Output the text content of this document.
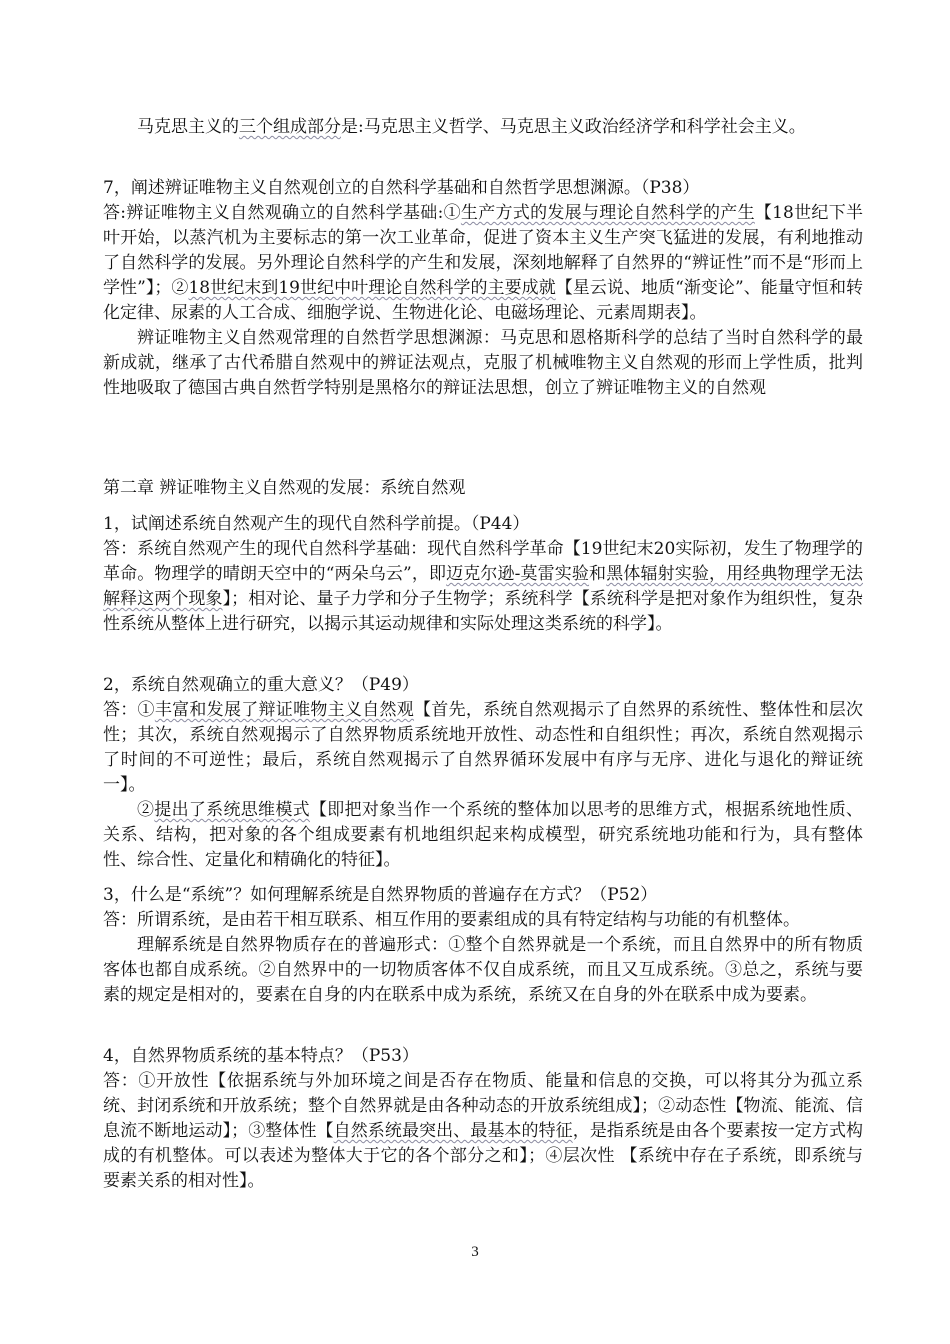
马克思主义的三个组成部分是:马克思主义哲学、马克思主义政治经济学和科学社会主义。

7，阐述辨证唯物主义自然观创立的自然科学基础和自然哲学思想渊源。（P38）

答:辨证唯物主义自然观确立的自然科学基础:①生产方式的发展与理论自然科学的产生【18世纪下半叶开始，以蒸汽机为主要标志的第一次工业革命，促进了资本主义生产突飞猛进的发展，有利地推动了自然科学的发展。另外理论自然科学的产生和发展，深刻地解释了自然界的“辨证性”而不是“形而上学性”】；②18世纪末到19世纪中叶理论自然科学的主要成就【星云说、地质“渐变论”、能量守恒和转化定律、尿素的人工合成、细胞学说、生物进化论、电磁场理论、元素周期表】。

辨证唯物主义自然观常理的自然哲学思想渊源：马克思和恩格斯科学的总结了当时自然科学的最新成就，继承了古代希腊自然观中的辨证法观点，克服了机械唯物主义自然观的形而上学性质，批判性地吸取了德国古典自然哲学特别是黑格尔的辩证法思想，创立了辨证唯物主义的自然观

第二章 辨证唯物主义自然观的发展：系统自然观

1，试阐述系统自然观产生的现代自然科学前提。（P44）

答：系统自然观产生的现代自然科学基础：现代自然科学革命【19世纪末20实际初，发生了物理学的革命。物理学的晴朗天空中的“两朵乌云”，即迈克尔逊-莫雷实验和黑体辐射实验，用经典物理学无法解释这两个现象】；相对论、量子力学和分子生物学；系统科学【系统科学是把对象作为组织性，复杂性系统从整体上进行研究，以揭示其运动规律和实际处理这类系统的科学】。

2，系统自然观确立的重大意义？（P49）

答：①丰富和发展了辩证唯物主义自然观【首先，系统自然观揭示了自然界的系统性、整体性和层次性；其次，系统自然观揭示了自然界物质系统地开放性、动态性和自组织性；再次，系统自然观揭示了时间的不可逆性；最后，系统自然观揭示了自然界循环发展中有序与无序、进化与退化的辩证统一】。

②提出了系统思维模式【即把对象当作一个系统的整体加以思考的思维方式，根据系统地性质、关系、结构，把对象的各个组成要素有机地组织起来构成模型，研究系统地功能和行为，具有整体性、综合性、定量化和精确化的特征】。

3，什么是“系统”？如何理解系统是自然界物质的普遍存在方式？（P52）

答：所谓系统，是由若干相互联系、相互作用的要素组成的具有特定结构与功能的有机整体。

理解系统是自然界物质存在的普遍形式：①整个自然界就是一个系统，而且自然界中的所有物质客体也都自成系统。②自然界中的一切物质客体不仅自成系统，而且又互成系统。③总之，系统与要素的规定是相对的，要素在自身的内在联系中成为系统，系统又在自身的外在联系中成为要素。

4，自然界物质系统的基本特点？（P53）

答：①开放性【依据系统与外加环境之间是否存在物质、能量和信息的交换，可以将其分为孤立系统、封闭系统和开放系统；整个自然界就是由各种动态的开放系统组成】；②动态性【物流、能流、信息流不断地运动】；③整体性【自然系统最突出、最基本的特征，是指系统是由各个要素按一定方式构成的有机整体。可以表述为整体大于它的各个部分之和】；④层次性 【系统中存在子系统，即系统与要素关系的相对性】。

3
